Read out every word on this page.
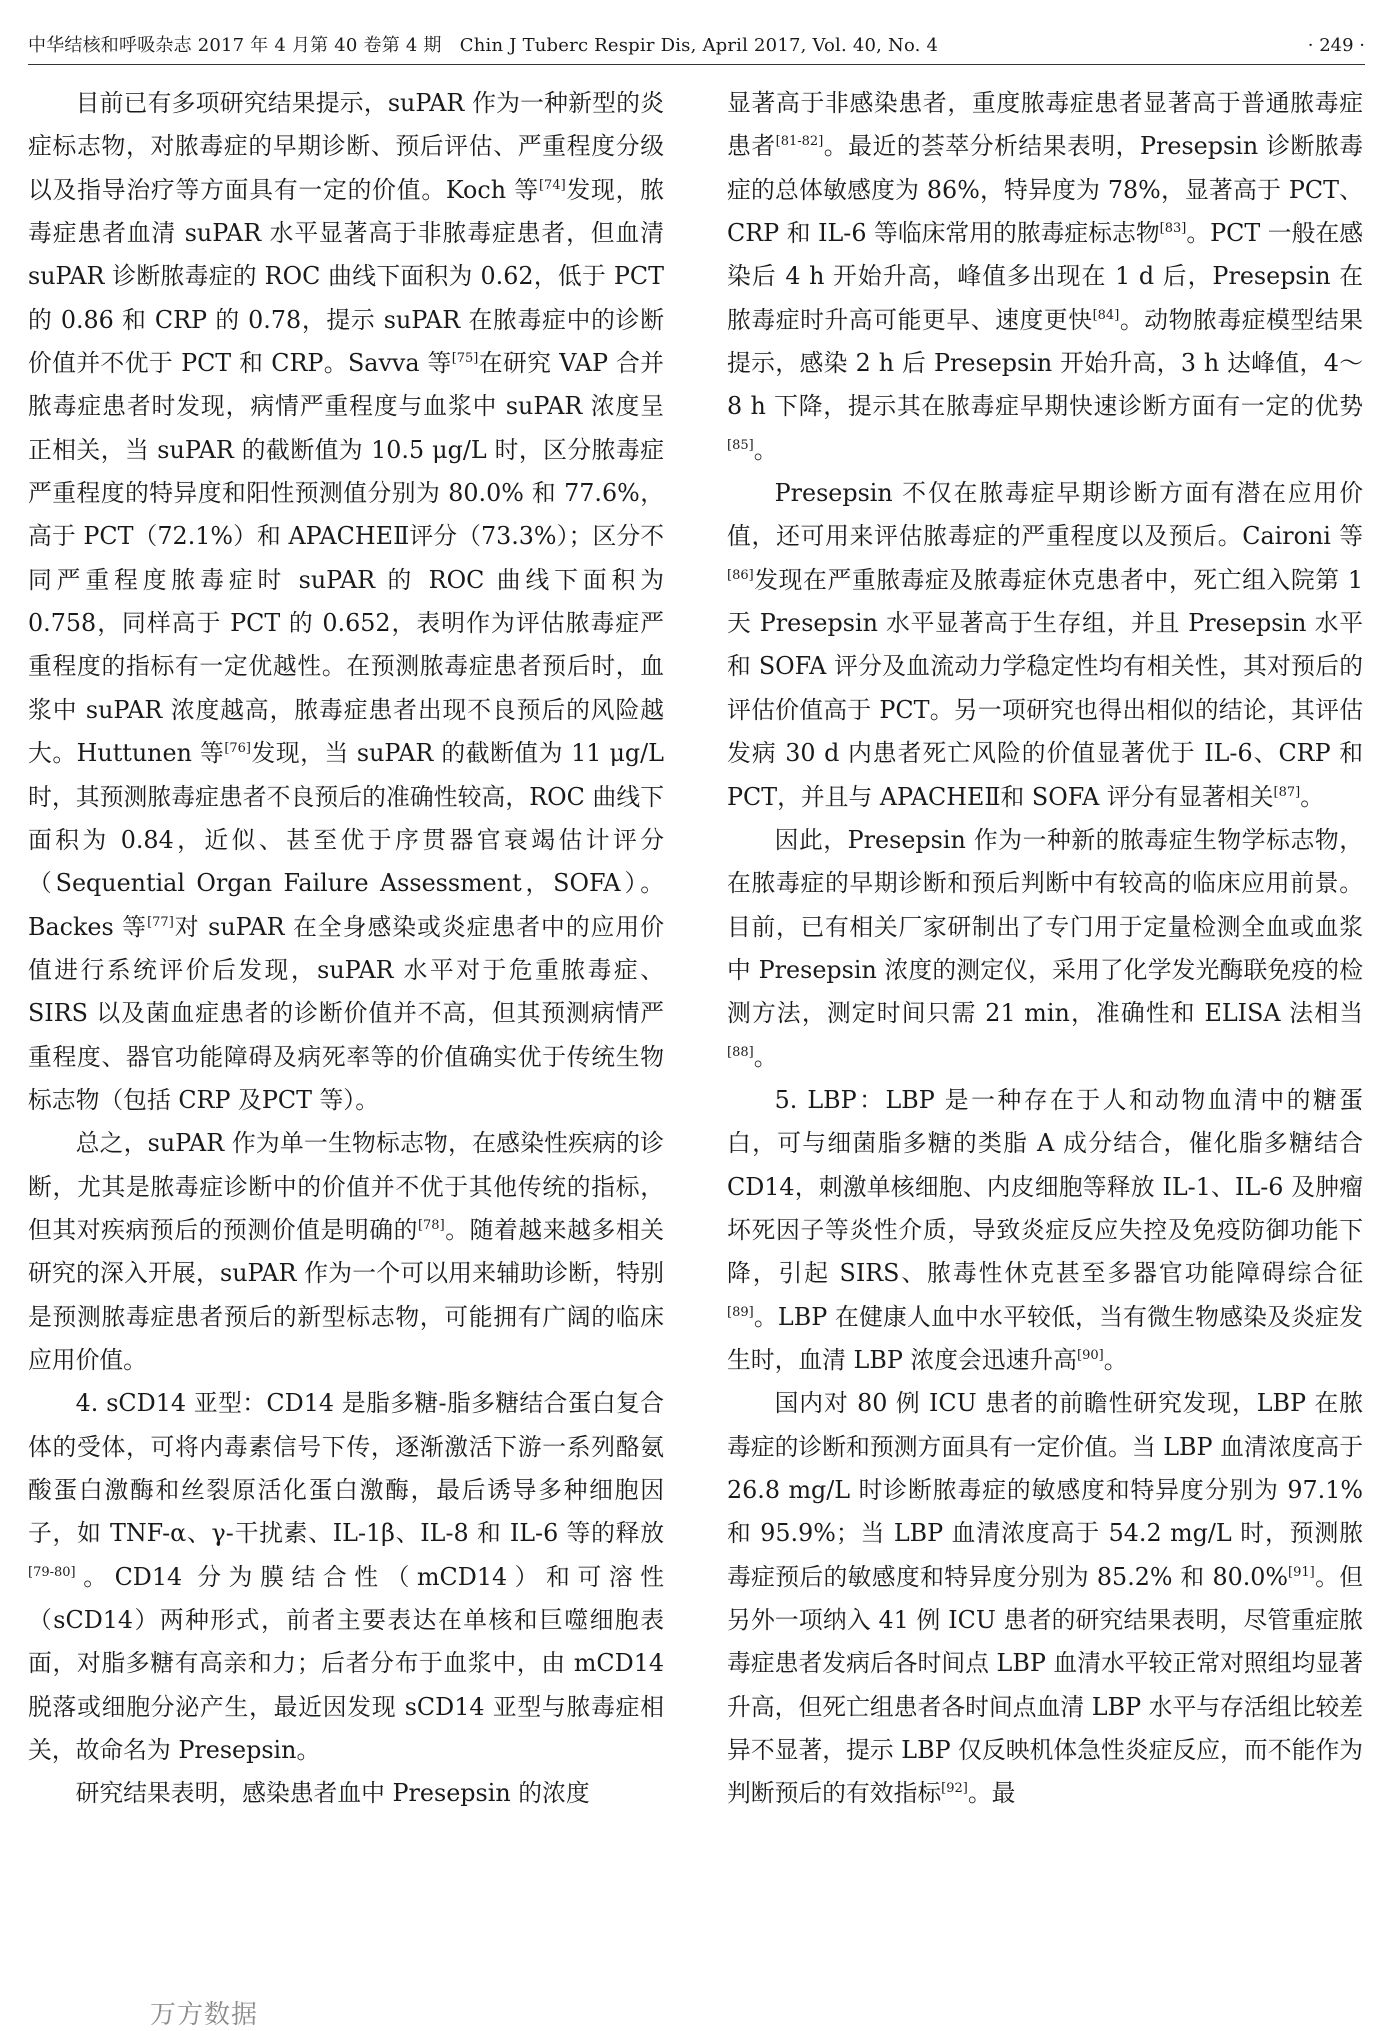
中华结核和呼吸杂志 2017 年 4 月第 40 卷第 4 期　Chin J Tuberc Respir Dis, April 2017, Vol. 40, No. 4	· 249 ·

目前已有多项研究结果提示，suPAR 作为一种新型的炎症标志物，对脓毒症的早期诊断、预后评估、严重程度分级以及指导治疗等方面具有一定的价值。Koch 等[74]发现，脓毒症患者血清 suPAR 水平显著高于非脓毒症患者，但血清 suPAR 诊断脓毒症的 ROC 曲线下面积为 0.62，低于 PCT 的 0.86 和 CRP 的 0.78，提示 suPAR 在脓毒症中的诊断价值并不优于 PCT 和 CRP。Savva 等[75]在研究 VAP 合并脓毒症患者时发现，病情严重程度与血浆中 suPAR 浓度呈正相关，当 suPAR 的截断值为 10.5 μg/L 时，区分脓毒症严重程度的特异度和阳性预测值分别为 80.0% 和 77.6%，高于 PCT（72.1%）和 APACHEⅡ评分（73.3%）；区分不同严重程度脓毒症时 suPAR 的 ROC 曲线下面积为 0.758，同样高于 PCT 的 0.652，表明作为评估脓毒症严重程度的指标有一定优越性。在预测脓毒症患者预后时，血浆中 suPAR 浓度越高，脓毒症患者出现不良预后的风险越大。Huttunen 等[76]发现，当 suPAR 的截断值为 11 μg/L 时，其预测脓毒症患者不良预后的准确性较高，ROC 曲线下面积为 0.84，近似、甚至优于序贯器官衰竭估计评分（Sequential Organ Failure Assessment，SOFA）。Backes 等[77]对 suPAR 在全身感染或炎症患者中的应用价值进行系统评价后发现，suPAR 水平对于危重脓毒症、SIRS 以及菌血症患者的诊断价值并不高，但其预测病情严重程度、器官功能障碍及病死率等的价值确实优于传统生物标志物（包括 CRP 及PCT 等）。

总之，suPAR 作为单一生物标志物，在感染性疾病的诊断，尤其是脓毒症诊断中的价值并不优于其他传统的指标，但其对疾病预后的预测价值是明确的[78]。随着越来越多相关研究的深入开展，suPAR 作为一个可以用来辅助诊断，特别是预测脓毒症患者预后的新型标志物，可能拥有广阔的临床应用价值。

4. sCD14 亚型：CD14 是脂多糖-脂多糖结合蛋白复合体的受体，可将内毒素信号下传，逐渐激活下游一系列酪氨酸蛋白激酶和丝裂原活化蛋白激酶，最后诱导多种细胞因子，如 TNF-α、γ-干扰素、IL-1β、IL-8 和 IL-6 等的释放[79-80]。CD14 分为膜结合性（mCD14）和可溶性（sCD14）两种形式，前者主要表达在单核和巨噬细胞表面，对脂多糖有高亲和力；后者分布于血浆中，由 mCD14 脱落或细胞分泌产生，最近因发现 sCD14 亚型与脓毒症相关，故命名为 Presepsin。

研究结果表明，感染患者血中 Presepsin 的浓度

显著高于非感染患者，重度脓毒症患者显著高于普通脓毒症患者[81-82]。最近的荟萃分析结果表明，Presepsin 诊断脓毒症的总体敏感度为 86%，特异度为 78%，显著高于 PCT、CRP 和 IL-6 等临床常用的脓毒症标志物[83]。PCT 一般在感染后 4 h 开始升高，峰值多出现在 1 d 后，Presepsin 在脓毒症时升高可能更早、速度更快[84]。动物脓毒症模型结果提示，感染 2 h 后 Presepsin 开始升高，3 h 达峰值，4～8 h 下降，提示其在脓毒症早期快速诊断方面有一定的优势[85]。

Presepsin 不仅在脓毒症早期诊断方面有潜在应用价值，还可用来评估脓毒症的严重程度以及预后。Caironi 等[86]发现在严重脓毒症及脓毒症休克患者中，死亡组入院第 1 天 Presepsin 水平显著高于生存组，并且 Presepsin 水平和 SOFA 评分及血流动力学稳定性均有相关性，其对预后的评估价值高于 PCT。另一项研究也得出相似的结论，其评估发病 30 d 内患者死亡风险的价值显著优于 IL-6、CRP 和 PCT，并且与 APACHEⅡ和 SOFA 评分有显著相关[87]。

因此，Presepsin 作为一种新的脓毒症生物学标志物，在脓毒症的早期诊断和预后判断中有较高的临床应用前景。目前，已有相关厂家研制出了专门用于定量检测全血或血浆中 Presepsin 浓度的测定仪，采用了化学发光酶联免疫的检测方法，测定时间只需 21 min，准确性和 ELISA 法相当[88]。

5. LBP：LBP 是一种存在于人和动物血清中的糖蛋白，可与细菌脂多糖的类脂 A 成分结合，催化脂多糖结合 CD14，刺激单核细胞、内皮细胞等释放 IL-1、IL-6 及肿瘤坏死因子等炎性介质，导致炎症反应失控及免疫防御功能下降，引起 SIRS、脓毒性休克甚至多器官功能障碍综合征[89]。LBP 在健康人血中水平较低，当有微生物感染及炎症发生时，血清 LBP 浓度会迅速升高[90]。

国内对 80 例 ICU 患者的前瞻性研究发现，LBP 在脓毒症的诊断和预测方面具有一定价值。当 LBP 血清浓度高于 26.8 mg/L 时诊断脓毒症的敏感度和特异度分别为 97.1% 和 95.9%；当 LBP 血清浓度高于 54.2 mg/L 时，预测脓毒症预后的敏感度和特异度分别为 85.2% 和 80.0%[91]。但另外一项纳入 41 例 ICU 患者的研究结果表明，尽管重症脓毒症患者发病后各时间点 LBP 血清水平较正常对照组均显著升高，但死亡组患者各时间点血清 LBP 水平与存活组比较差异不显著，提示 LBP 仅反映机体急性炎症反应，而不能作为判断预后的有效指标[92]。最

万方数据
